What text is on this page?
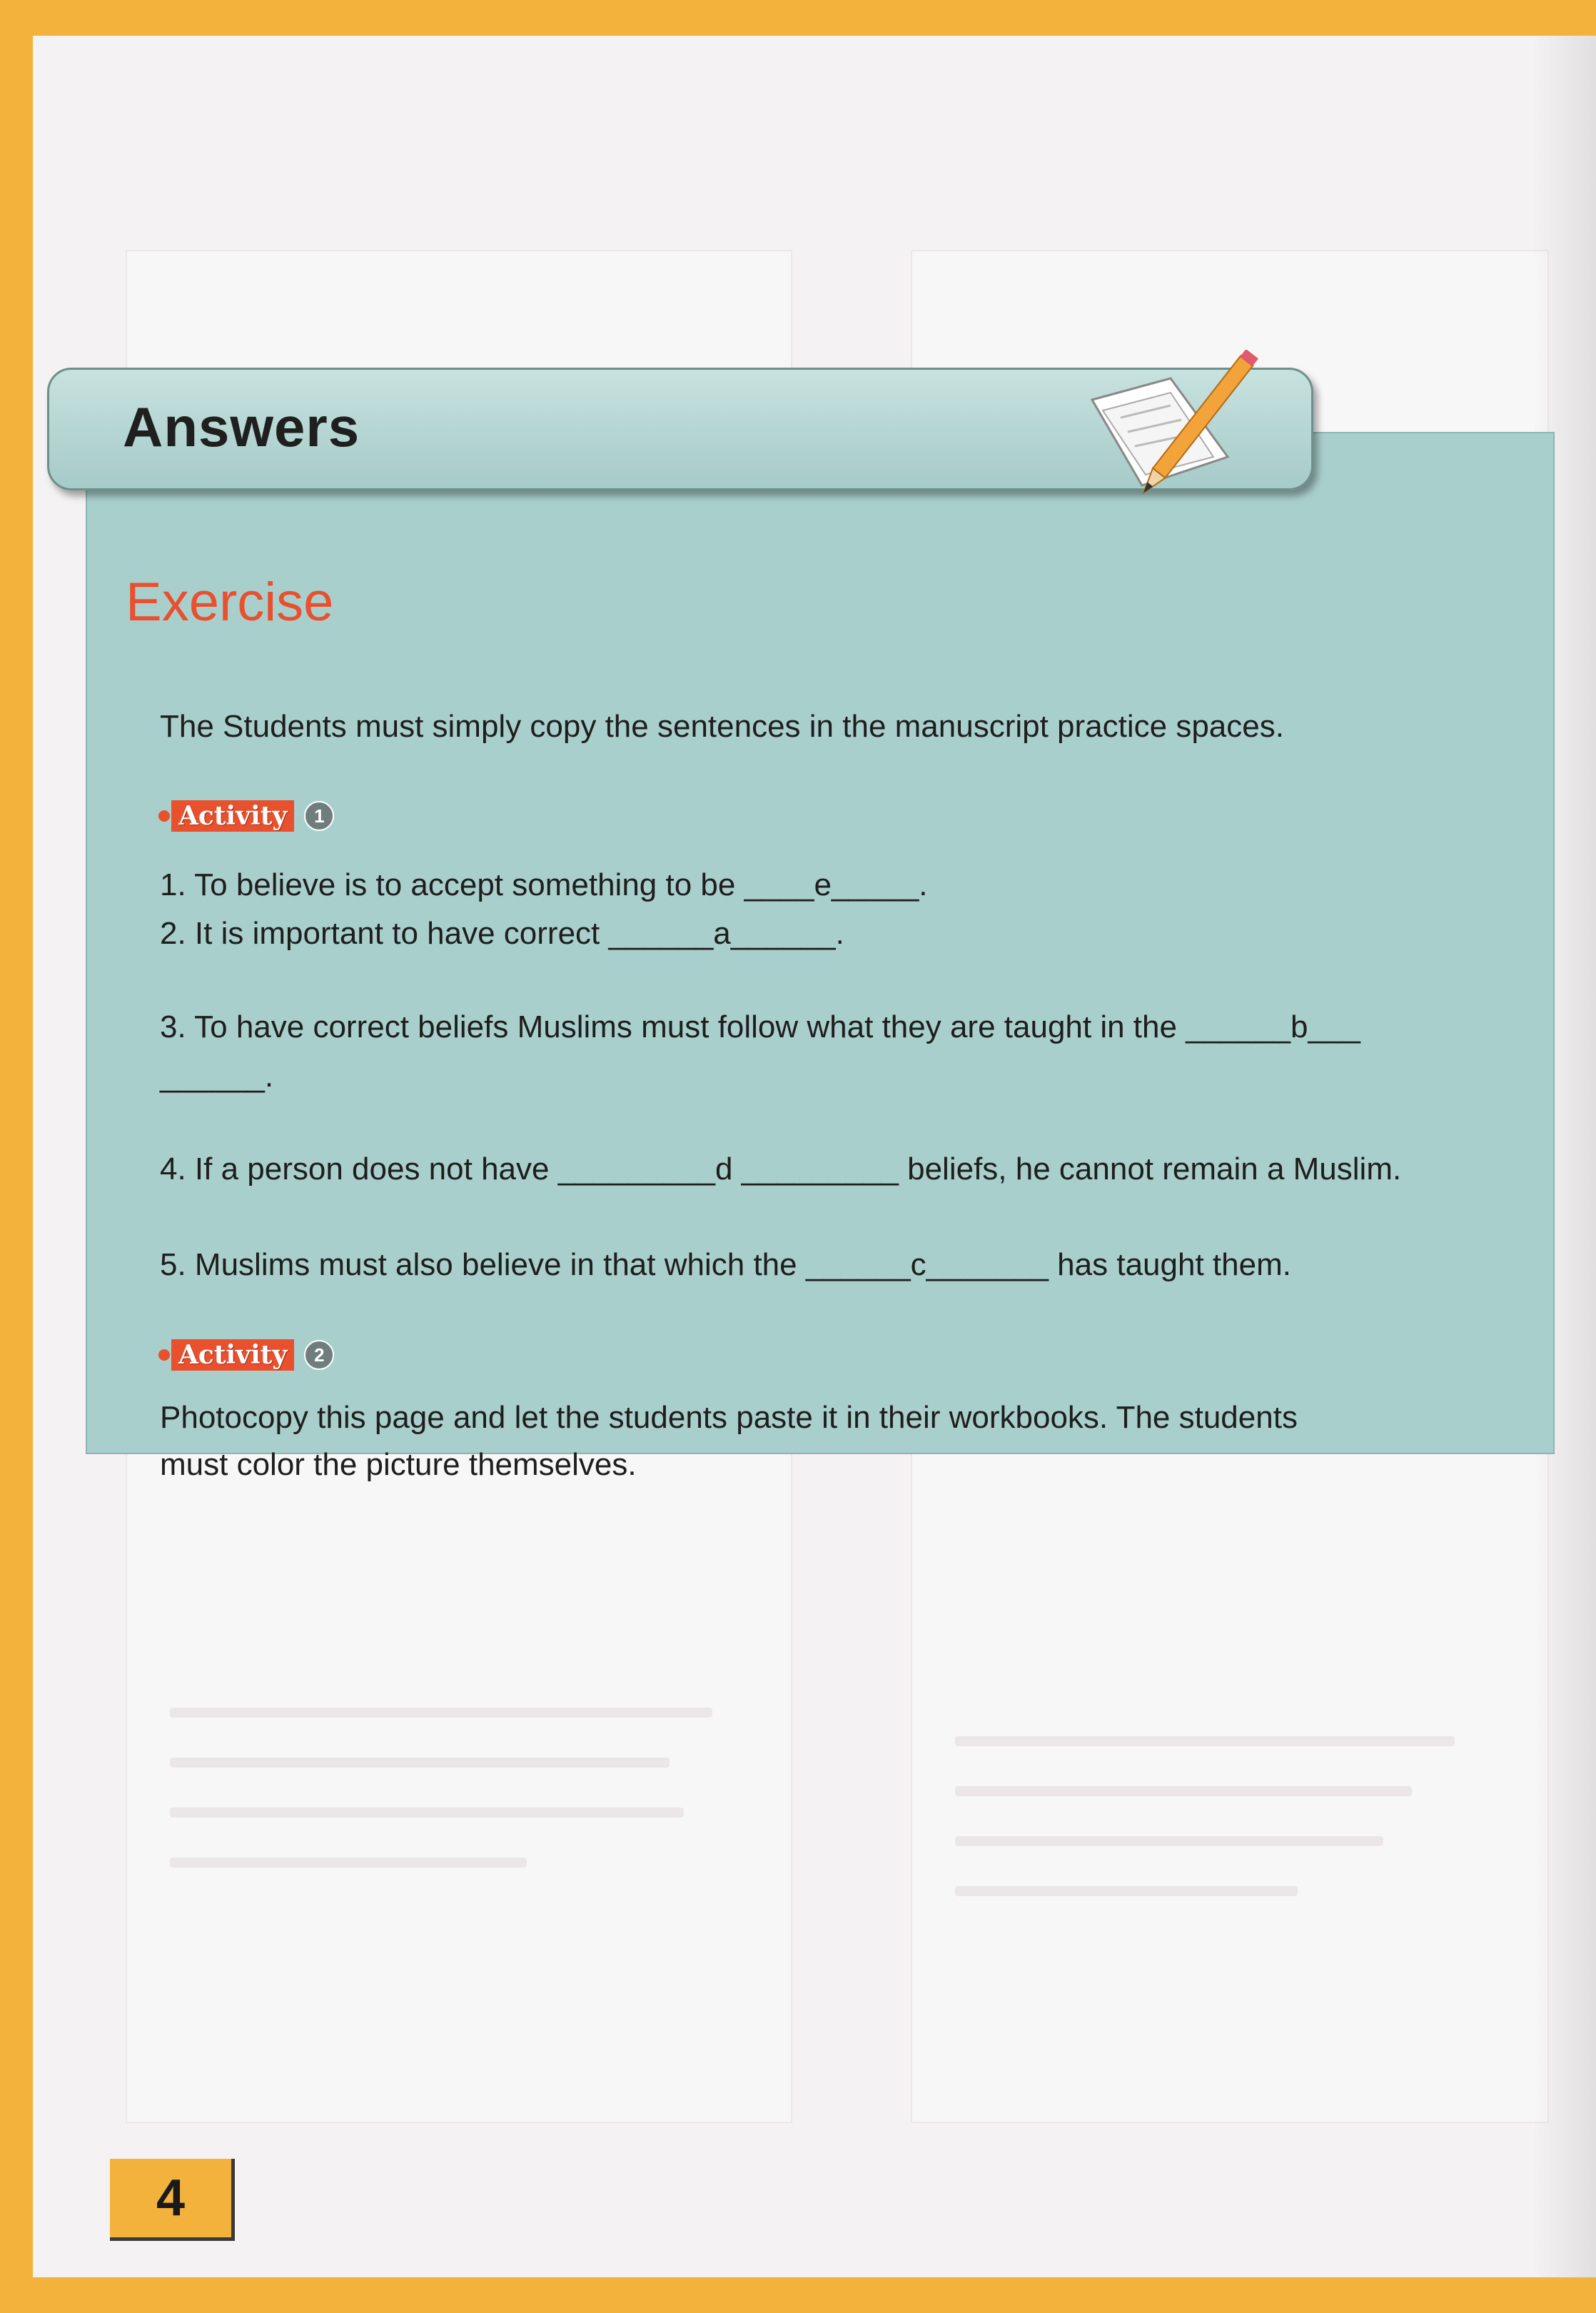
Answers
Exercise
The Students must simply copy the sentences in the manuscript practice spaces.
Activity	1
1. To believe is to accept something to be ____e_____.
2. It is important to have correct ______a______.
3. To have correct beliefs Muslims must follow what they are taught in the ______b___
______.
4. If a person does not have _________d _________ beliefs, he cannot remain a Muslim.
5. Muslims must also believe in that which the ______c_______ has taught them.
Activity	2
Photocopy this page and let the students paste it in their workbooks. The students
must color the picture themselves.
4
